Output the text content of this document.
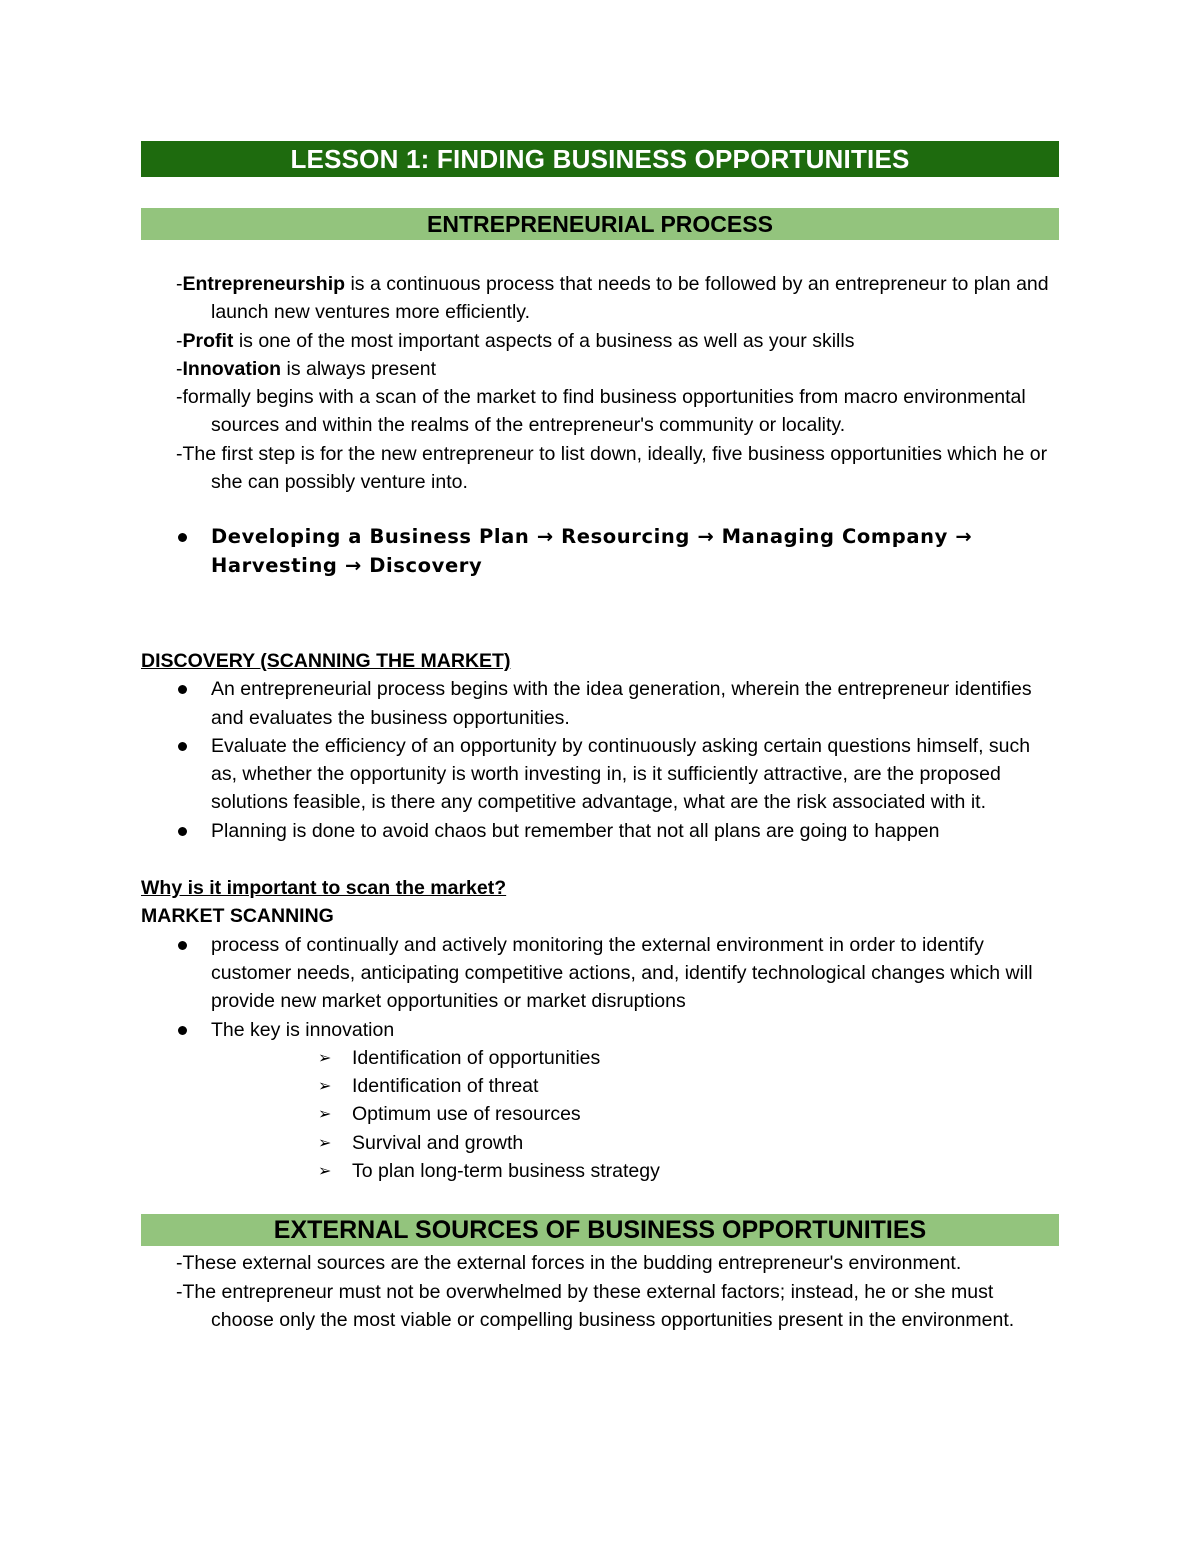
LESSON 1: FINDING BUSINESS OPPORTUNITIES
ENTREPRENEURIAL PROCESS

-Entrepreneurship is a continuous process that needs to be followed by an entrepreneur to plan and launch new ventures more efficiently.

-Profit is one of the most important aspects of a business as well as your skills

-Innovation is always present

-formally begins with a scan of the market to find business opportunities from macro environmental sources and within the realms of the entrepreneur's community or locality.

-The first step is for the new entrepreneur to list down, ideally, five business opportunities which he or she can possibly venture into.

Developing a Business Plan → Resourcing → Managing Company → Harvesting → Discovery
DISCOVERY (SCANNING THE MARKET)
An entrepreneurial process begins with the idea generation, wherein the entrepreneur identifies and evaluates the business opportunities.
Evaluate the efficiency of an opportunity by continuously asking certain questions himself, such as, whether the opportunity is worth investing in, is it sufficiently attractive, are the proposed solutions feasible, is there any competitive advantage, what are the risk associated with it.
Planning is done to avoid chaos but remember that not all plans are going to happen
Why is it important to scan the market?
MARKET SCANNING
process of continually and actively monitoring the external environment in order to identify customer needs, anticipating competitive actions, and, identify technological changes which will provide new market opportunities or market disruptions
The key is innovation
➢ Identification of opportunities
➢ Identification of threat
➢ Optimum use of resources
➢ Survival and growth
➢ To plan long-term business strategy
EXTERNAL SOURCES OF BUSINESS OPPORTUNITIES

-These external sources are the external forces in the budding entrepreneur's environment.

-The entrepreneur must not be overwhelmed by these external factors; instead, he or she must choose only the most viable or compelling business opportunities present in the environment.
